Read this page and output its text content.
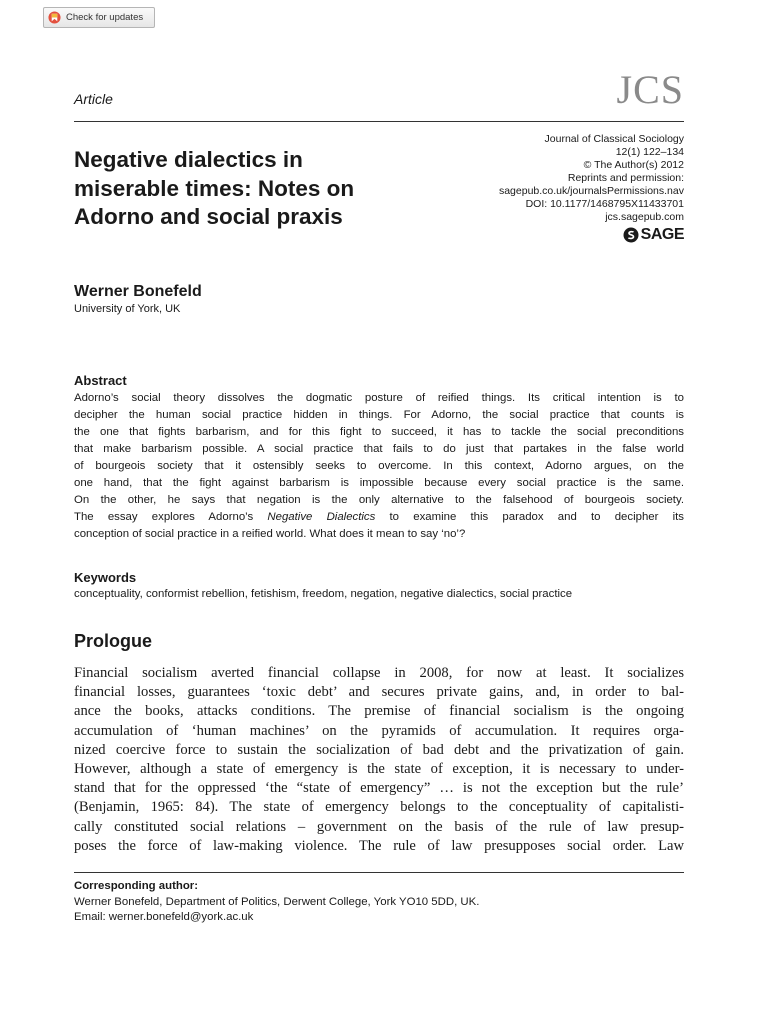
Check for updates
Article	JCS
Journal of Classical Sociology
12(1) 122–134
© The Author(s) 2012
Reprints and permission:
sagepub.co.uk/journalsPermissions.nav
DOI: 10.1177/1468795X11433701
jcs.sagepub.com
SAGE
Negative dialectics in
miserable times: Notes on
Adorno and social praxis
Werner Bonefeld
University of York, UK
Abstract
Adorno’s social theory dissolves the dogmatic posture of reified things. Its critical intention is to
decipher the human social practice hidden in things. For Adorno, the social practice that counts is
the one that fights barbarism, and for this fight to succeed, it has to tackle the social preconditions
that make barbarism possible. A social practice that fails to do just that partakes in the false world
of bourgeois society that it ostensibly seeks to overcome. In this context, Adorno argues, on the
one hand, that the fight against barbarism is impossible because every social practice is the same.
On the other, he says that negation is the only alternative to the falsehood of bourgeois society.
The essay explores Adorno’s Negative Dialectics to examine this paradox and to decipher its
conception of social practice in a reified world. What does it mean to say ‘no’?
Keywords
conceptuality, conformist rebellion, fetishism, freedom, negation, negative dialectics, social practice
Prologue
Financial socialism averted financial collapse in 2008, for now at least. It socializes
financial losses, guarantees ‘toxic debt’ and secures private gains, and, in order to bal-
ance the books, attacks conditions. The premise of financial socialism is the ongoing
accumulation of ‘human machines’ on the pyramids of accumulation. It requires orga-
nized coercive force to sustain the socialization of bad debt and the privatization of gain.
However, although a state of emergency is the state of exception, it is necessary to under-
stand that for the oppressed ‘the “state of emergency” … is not the exception but the rule’
(Benjamin, 1965: 84). The state of emergency belongs to the conceptuality of capitalisti-
cally constituted social relations – government on the basis of the rule of law presup-
poses the force of law-making violence. The rule of law presupposes social order. Law
Corresponding author:
Werner Bonefeld, Department of Politics, Derwent College, York YO10 5DD, UK.
Email: werner.bonefeld@york.ac.uk
